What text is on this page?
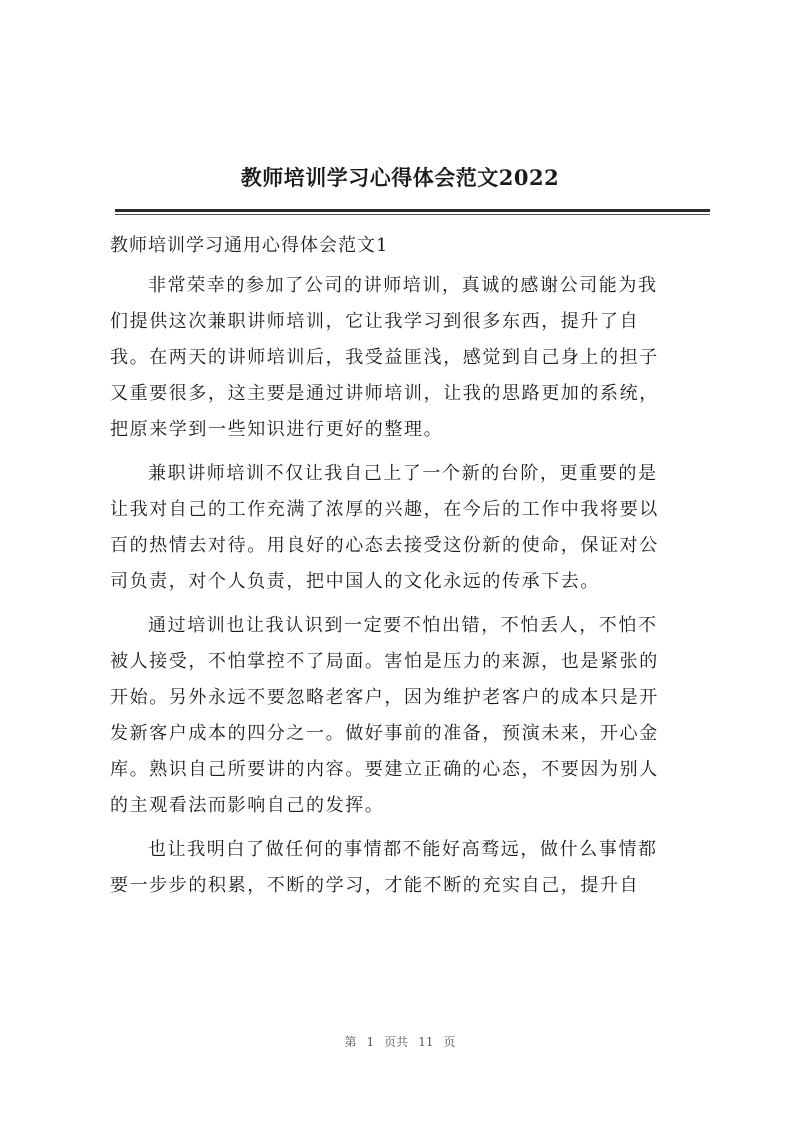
教师培训学习心得体会范文2022
教师培训学习通用心得体会范文1

非常荣幸的参加了公司的讲师培训，真诚的感谢公司能为我
们提供这次兼职讲师培训，它让我学习到很多东西，提升了自
我。在两天的讲师培训后，我受益匪浅，感觉到自己身上的担子
又重要很多，这主要是通过讲师培训，让我的思路更加的系统，
把原来学到一些知识进行更好的整理。

兼职讲师培训不仅让我自己上了一个新的台阶，更重要的是
让我对自己的工作充满了浓厚的兴趣，在今后的工作中我将要以
百的热情去对待。用良好的心态去接受这份新的使命，保证对公
司负责，对个人负责，把中国人的文化永远的传承下去。

通过培训也让我认识到一定要不怕出错，不怕丢人，不怕不
被人接受，不怕掌控不了局面。害怕是压力的来源，也是紧张的
开始。另外永远不要忽略老客户，因为维护老客户的成本只是开
发新客户成本的四分之一。做好事前的准备，预演未来，开心金
库。熟识自己所要讲的内容。要建立正确的心态，不要因为别人
的主观看法而影响自己的发挥。

也让我明白了做任何的事情都不能好高骛远，做什么事情都
要一步步的积累，不断的学习，才能不断的充实自己，提升自

第 1 页共 11 页
